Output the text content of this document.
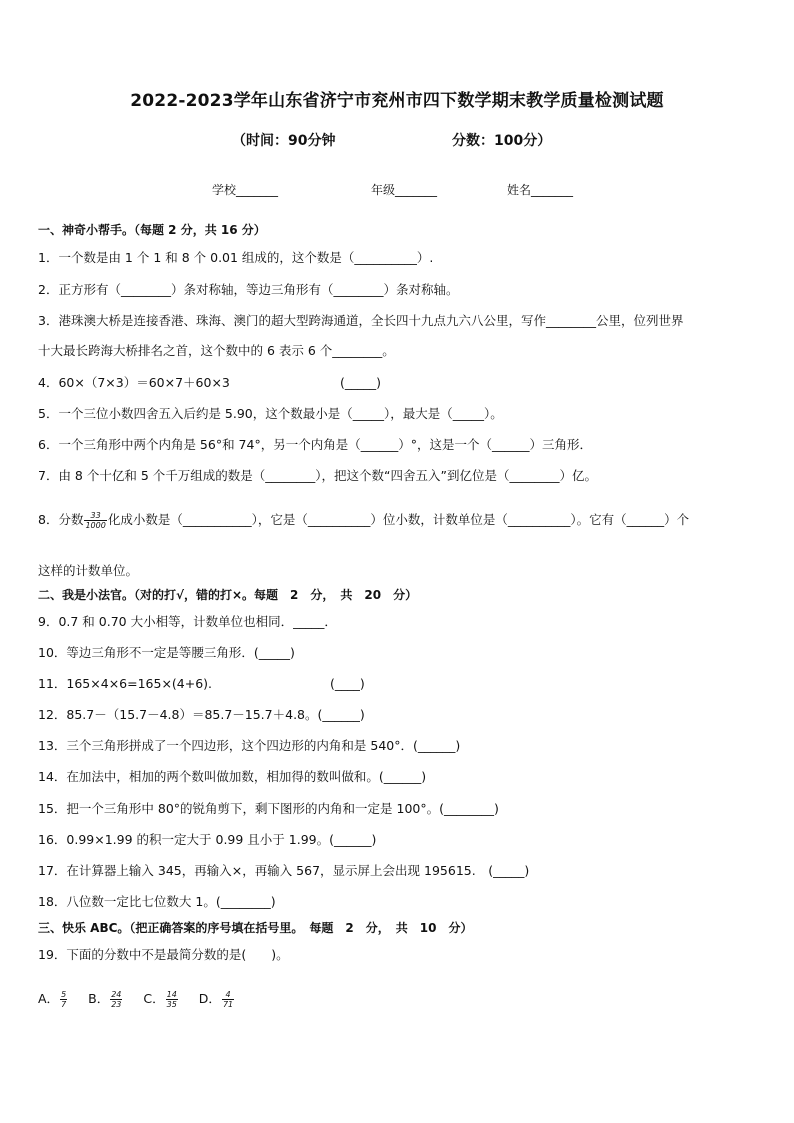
2022-2023学年山东省济宁市兖州市四下数学期末教学质量检测试题
（时间：90分钟	分数：100分）
学校_______	年级_______	姓名_______
一、神奇小帮手。（每题 2 分，共 16 分）
1．一个数是由 1 个 1 和 8 个 0.01 组成的，这个数是（__________）.
2．正方形有（________）条对称轴，等边三角形有（________）条对称轴。
3．港珠澳大桥是连接香港、珠海、澳门的超大型跨海通道，全长四十九点九六八公里，写作________公里，位列世界
十大最长跨海大桥排名之首，这个数中的 6 表示 6 个________。
4．60×（7×3）＝60×7＋60×3	(_____)
5．一个三位小数四舍五入后约是 5.90，这个数最小是（_____），最大是（_____）。
6．一个三角形中两个内角是 56°和 74°，另一个内角是（______）°，这是一个（______）三角形．
7．由 8 个十亿和 5 个千万组成的数是（________），把这个数“四舍五入”到亿位是（________）亿。
8．分数 $\frac{33}{1000}$ 化成小数是（___________），它是（__________）位小数，计数单位是（__________）。它有（______）个
这样的计数单位。
二、我是小法官。（对的打√，错的打×。每题　2　分，　共　20　分）
9．0.7 和 0.70 大小相等，计数单位也相同．_____．
10．等边三角形不一定是等腰三角形．(_____)
11．165×4×6=165×(4+6).	(____)
12．85.7－（15.7－4.8）＝85.7－15.7＋4.8。(______)
13．三个三角形拼成了一个四边形，这个四边形的内角和是 540°．(______)
14．在加法中，相加的两个数叫做加数，相加得的数叫做和。(______)
15．把一个三角形中 80°的锐角剪下，剩下图形的内角和一定是 100°。(________)
16．0.99×1.99 的积一定大于 0.99 且小于 1.99。(______)
17．在计算器上输入 345，再输入×，再输入 567，显示屏上会出现 195615.　(_____)
18．八位数一定比七位数大 1。(________)
三、快乐 ABC。（把正确答案的序号填在括号里。　每题　2　分，　共　10　分）
19．下面的分数中不是最简分数的是(　　)。
A． $\frac{5}{7}$ B． $\frac{24}{23}$ C． $\frac{14}{35}$ D． $\frac{4}{71}$
